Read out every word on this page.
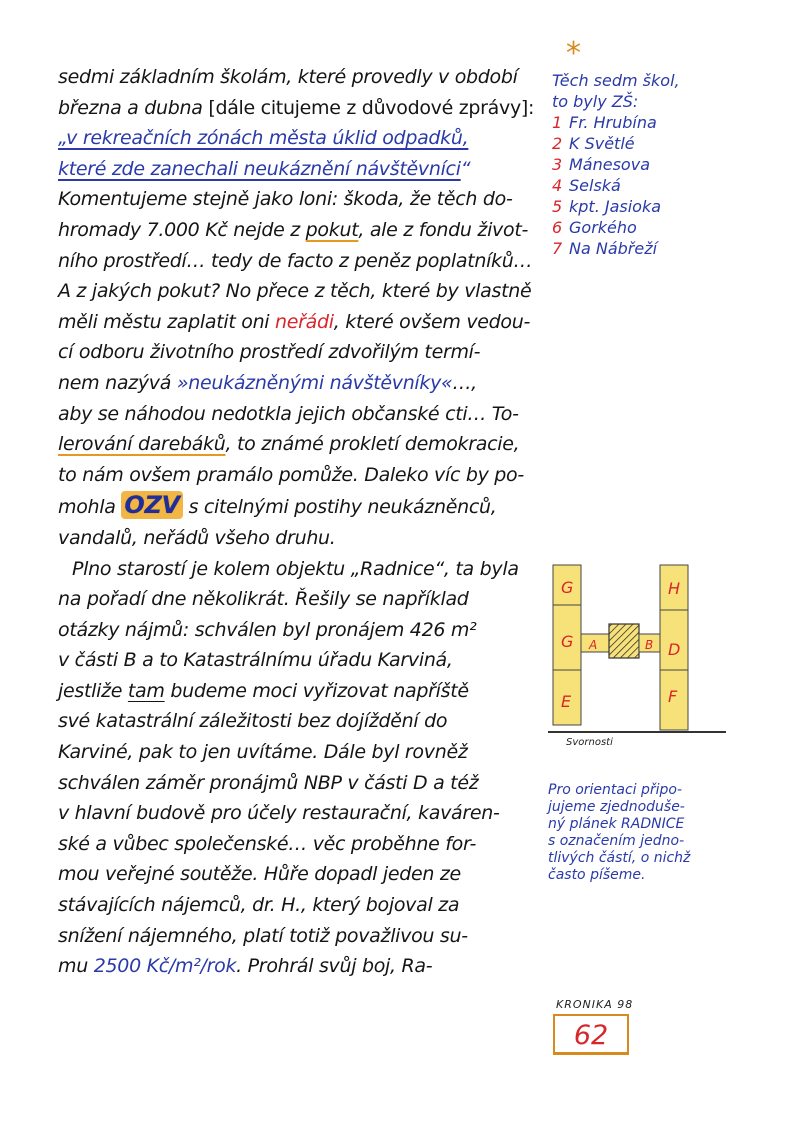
sedmi základním školám, které provedly v období
března a dubna [dále citujeme z důvodové zprávy]:
„v rekreačních zónách města úklid odpadků,
které zde zanechali neukáznění návštěvníci“
Komentujeme stejně jako loni: škoda, že těch do-
hromady 7.000 Kč nejde z pokut, ale z fondu život-
ního prostředí… tedy de facto z peněz poplatníků…
A z jakých pokut? No přece z těch, které by vlastně
měli městu zaplatit oni neřádi, které ovšem vedou-
cí odboru životního prostředí zdvořilým termí-
nem nazývá »neukázněnými návštěvníky«…,
aby se náhodou nedotkla jejich občanské cti… To-
lerování darebáků, to známé prokletí demokracie,
to nám ovšem pramálo pomůže. Daleko víc by po-
mohla OZV s citelnými postihy neukázněnců,
vandalů, neřádů všeho druhu.
Plno starostí je kolem objektu „Radnice“, ta byla
na pořadí dne několikrát. Řešily se například
otázky nájmů: schválen byl pronájem 426 m²
v části B a to Katastrálnímu úřadu Karviná,
jestliže tam budeme moci vyřizovat napříště
své katastrální záležitosti bez dojíždění do
Karviné, pak to jen uvítáme. Dále byl rovněž
schválen záměr pronájmů NBP v části D a též
v hlavní budově pro účely restaurační, kaváren-
ské a vůbec společenské… věc proběhne for-
mou veřejné soutěže. Hůře dopadl jeden ze
stávajících nájemců, dr. H., který bojoval za
snížení nájemného, platí totiž považlivou su-
mu 2500 Kč/m²/rok. Prohrál svůj boj, Ra-
*
Těch sedm škol,
to byly ZŠ:
1 Fr. Hrubína
2 K Světlé
3 Mánesova
4 Selská
5 kpt. Jasioka
6 Gorkého
7 Na Nábřeží
G	H
G A	B D
E	F
Svornosti
Pro orientaci připo-
jujeme zjednoduše-
ný plánek RADNICE
s označením jedno-
tlivých částí, o nichž
často píšeme.
KRONIKA 98
62
